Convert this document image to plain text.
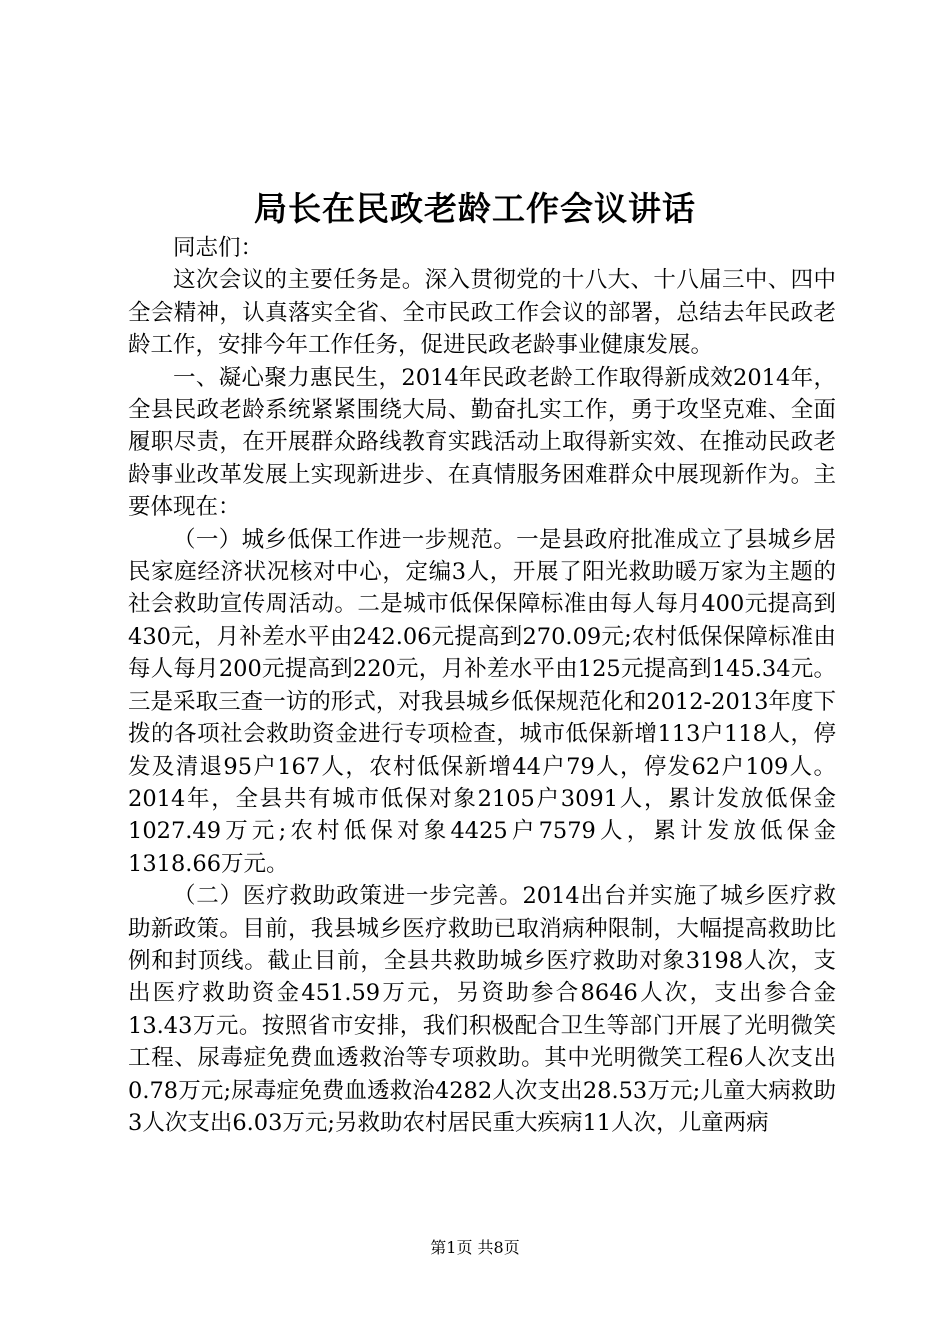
局长在民政老龄工作会议讲话

同志们：

这次会议的主要任务是。深入贯彻党的十八大、十八届三中、四中全会精神，认真落实全省、全市民政工作会议的部署，总结去年民政老龄工作，安排今年工作任务，促进民政老龄事业健康发展。

一、凝心聚力惠民生，2014年民政老龄工作取得新成效2014年，全县民政老龄系统紧紧围绕大局、勤奋扎实工作，勇于攻坚克难、全面履职尽责，在开展群众路线教育实践活动上取得新实效、在推动民政老龄事业改革发展上实现新进步、在真情服务困难群众中展现新作为。主要体现在：

（一）城乡低保工作进一步规范。一是县政府批准成立了县城乡居民家庭经济状况核对中心，定编3人，开展了阳光救助暖万家为主题的社会救助宣传周活动。二是城市低保保障标准由每人每月400元提高到430元，月补差水平由242.06元提高到270.09元;农村低保保障标准由每人每月200元提高到220元，月补差水平由125元提高到145.34元。三是采取三查一访的形式，对我县城乡低保规范化和2012-2013年度下拨的各项社会救助资金进行专项检查，城市低保新增113户118人，停发及清退95户167人，农村低保新增44户79人，停发62户109人。2014年，全县共有城市低保对象2105户3091人，累计发放低保金1027.49万元;农村低保对象4425户7579人，累计发放低保金1318.66万元。

（二）医疗救助政策进一步完善。2014出台并实施了城乡医疗救助新政策。目前，我县城乡医疗救助已取消病种限制，大幅提高救助比例和封顶线。截止目前，全县共救助城乡医疗救助对象3198人次，支出医疗救助资金451.59万元，另资助参合8646人次，支出参合金13.43万元。按照省市安排，我们积极配合卫生等部门开展了光明微笑工程、尿毒症免费血透救治等专项救助。其中光明微笑工程6人次支出0.78万元;尿毒症免费血透救治4282人次支出28.53万元;儿童大病救助3人次支出6.03万元;另救助农村居民重大疾病11人次，儿童两病

第1页 共8页
